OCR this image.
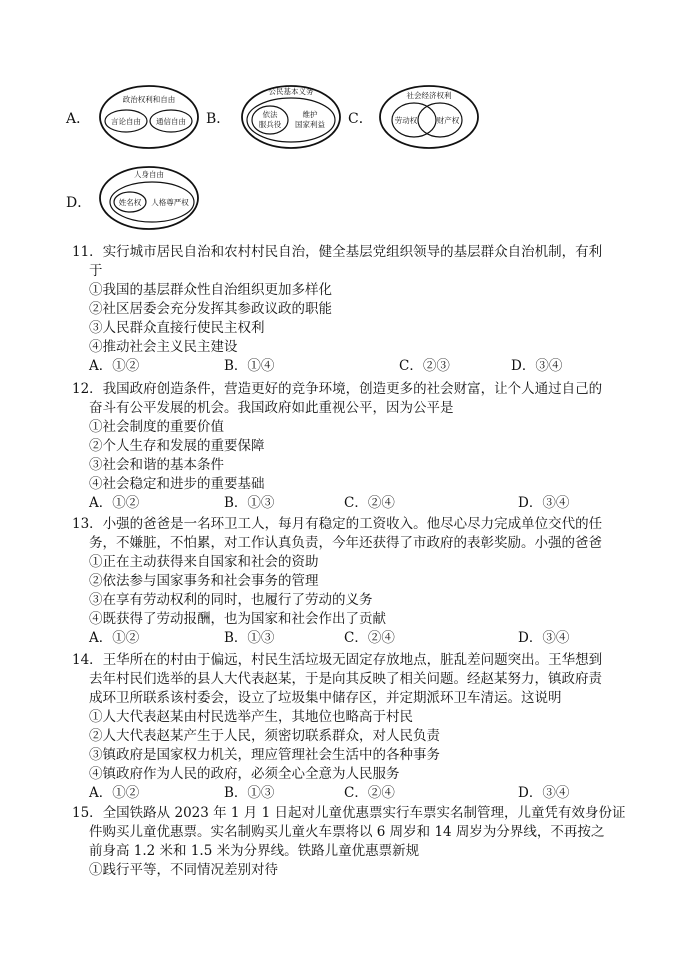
A．	B．	C．
D．
政治权利和自由
言论自由 通信自由
公民基本义务
依法
服兵役
维护
国家利益
社会经济权利
劳动权	财产权
人身自由
姓名权 人格尊严权
11．实行城市居民自治和农村村民自治，健全基层党组织领导的基层群众自治机制，有利
于
①我国的基层群众性自治组织更加多样化
②社区居委会充分发挥其参政议政的职能
③人民群众直接行使民主权利
④推动社会主义民主建设
A．①②	B．①④	C．②③	D．③④
12．我国政府创造条件，营造更好的竞争环境，创造更多的社会财富，让个人通过自己的
奋斗有公平发展的机会。我国政府如此重视公平，因为公平是
①社会制度的重要价值
②个人生存和发展的重要保障
③社会和谐的基本条件
④社会稳定和进步的重要基础
A．①②	B．①③	C．②④	D．③④
13．小强的爸爸是一名环卫工人，每月有稳定的工资收入。他尽心尽力完成单位交代的任
务，不嫌脏，不怕累，对工作认真负责，今年还获得了市政府的表彰奖励。小强的爸爸
①正在主动获得来自国家和社会的资助
②依法参与国家事务和社会事务的管理
③在享有劳动权利的同时，也履行了劳动的义务
④既获得了劳动报酬，也为国家和社会作出了贡献
A．①②	B．①③	C．②④	D．③④
14．王华所在的村由于偏远，村民生活垃圾无固定存放地点，脏乱差问题突出。王华想到
去年村民们选举的县人大代表赵某，于是向其反映了相关问题。经赵某努力，镇政府责
成环卫所联系该村委会，设立了垃圾集中储存区，并定期派环卫车清运。这说明
①人大代表赵某由村民选举产生，其地位也略高于村民
②人大代表赵某产生于人民，须密切联系群众，对人民负责
③镇政府是国家权力机关，理应管理社会生活中的各种事务
④镇政府作为人民的政府，必须全心全意为人民服务
A．①②	B．①③	C．②④	D．③④
15．全国铁路从 2023 年 1 月 1 日起对儿童优惠票实行车票实名制管理，儿童凭有效身份证
件购买儿童优惠票。实名制购买儿童火车票将以 6 周岁和 14 周岁为分界线，不再按之
前身高 1.2 米和 1.5 米为分界线。铁路儿童优惠票新规
①践行平等，不同情况差别对待
